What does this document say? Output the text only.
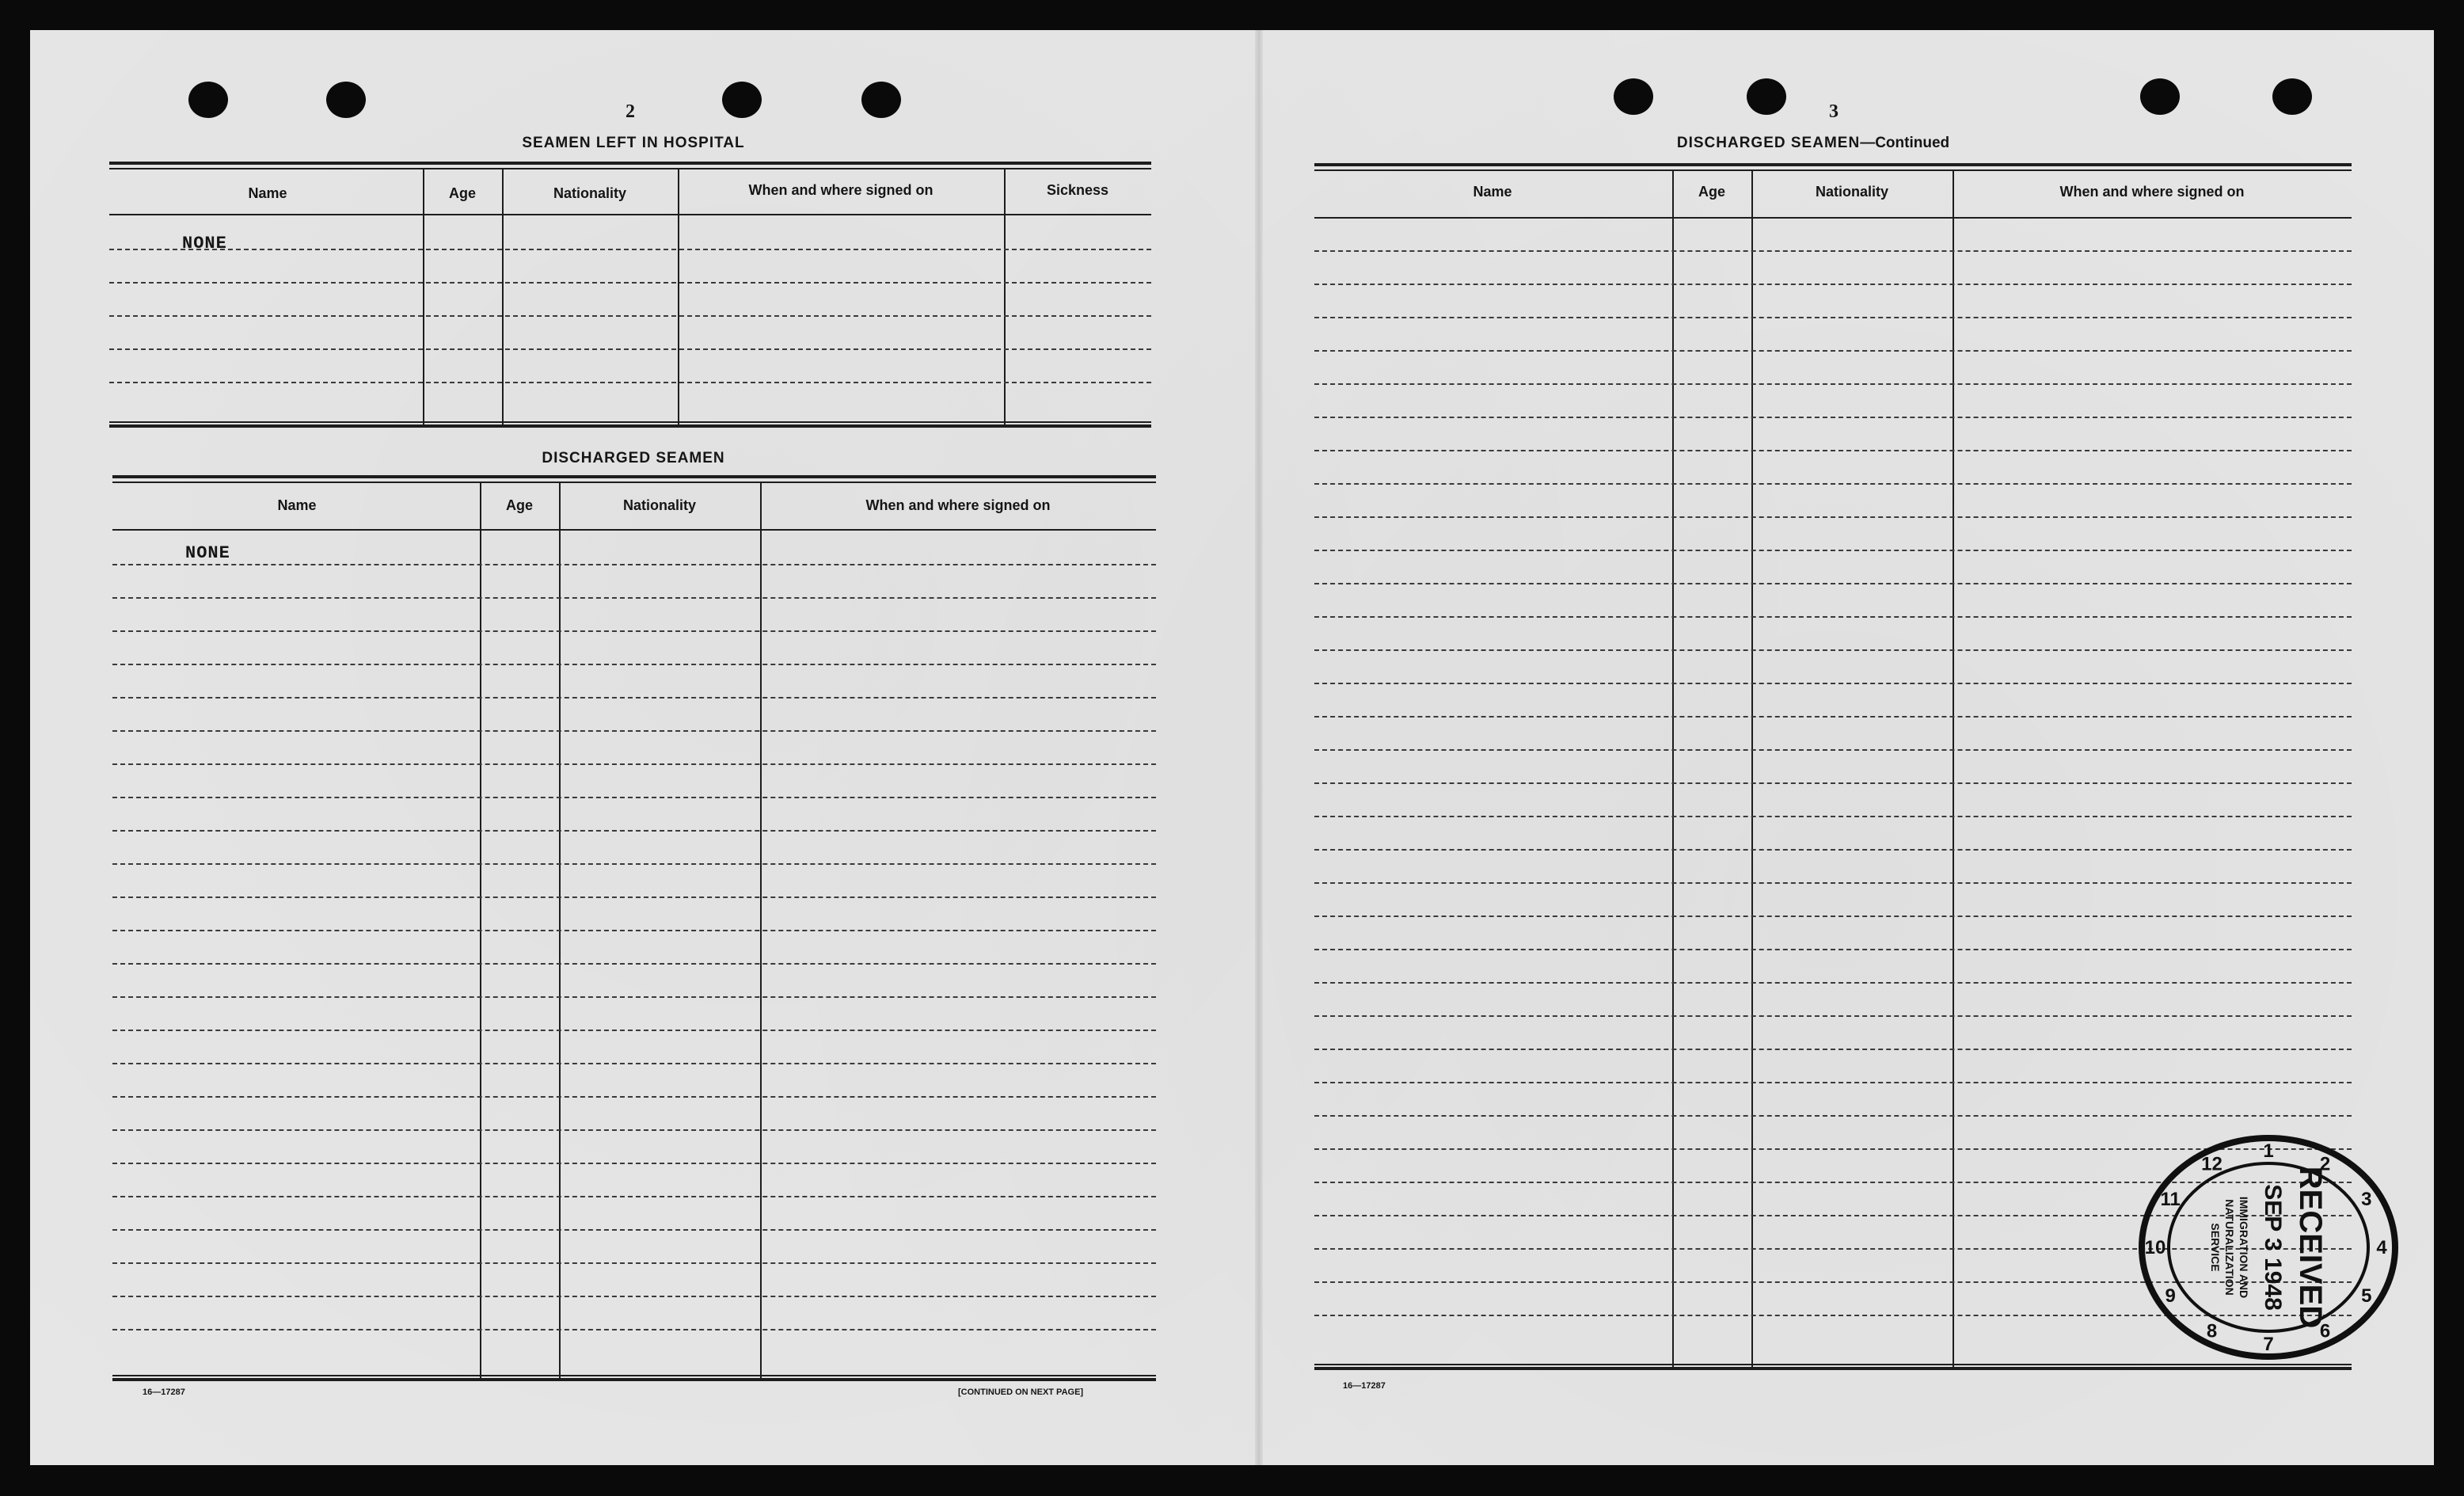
2
SEAMEN LEFT IN HOSPITAL
Name	Age	Nationality	When and where signed on	Sickness
NONE
DISCHARGED SEAMEN
Name	Age	Nationality	When and where signed on
NONE
16—17287	[CONTINUED ON NEXT PAGE]
3
DISCHARGED SEAMEN—Continued
Name	Age	Nationality	When and where signed on
16—17287
1
2
3
4
5
6
7
8
9
10
11
12
RECEIVED
SEP 3 1948
IMMIGRATION AND
NATURALIZATION
SERVICE
